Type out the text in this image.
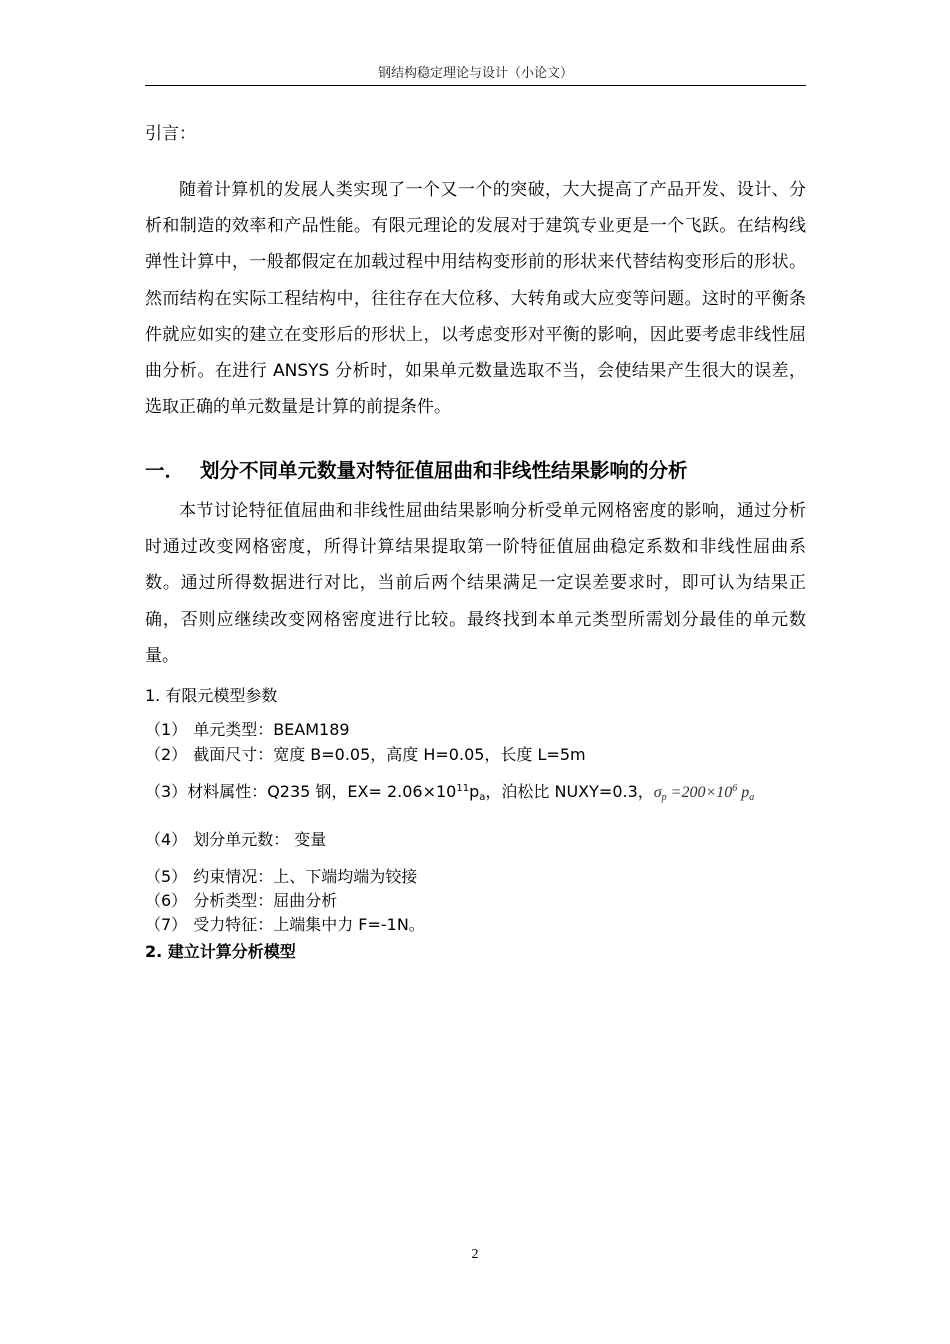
钢结构稳定理论与设计（小论文）
引言：

随着计算机的发展人类实现了一个又一个的突破，大大提高了产品开发、设计、分析和制造的效率和产品性能。有限元理论的发展对于建筑专业更是一个飞跃。在结构线弹性计算中，一般都假定在加载过程中用结构变形前的形状来代替结构变形后的形状。然而结构在实际工程结构中，往往存在大位移、大转角或大应变等问题。这时的平衡条件就应如实的建立在变形后的形状上，以考虑变形对平衡的影响，因此要考虑非线性屈曲分析。在进行 ANSYS 分析时，如果单元数量选取不当，会使结果产生很大的误差，选取正确的单元数量是计算的前提条件。

一． 划分不同单元数量对特征值屈曲和非线性结果影响的分析

本节讨论特征值屈曲和非线性屈曲结果影响分析受单元网格密度的影响，通过分析时通过改变网格密度，所得计算结果提取第一阶特征值屈曲稳定系数和非线性屈曲系数。通过所得数据进行对比，当前后两个结果满足一定误差要求时，即可认为结果正确，否则应继续改变网格密度进行比较。最终找到本单元类型所需划分最佳的单元数量。

1. 有限元模型参数
（1） 单元类型：BEAM189
（2） 截面尺寸：宽度 B=0.05，高度 H=0.05，长度 L=5m
（3）材料属性：Q235 钢，$EX= 2.06\times 10^{11}p_a$，泊松比 NUXY=0.3，$\sigma p =200\times 10^6$ pa
（4） 划分单元数： 变量
（5） 约束情况：上、下端均端为铰接
（6） 分析类型：屈曲分析
（7） 受力特征：上端集中力 F=-1N。
2. 建立计算分析模型
2
